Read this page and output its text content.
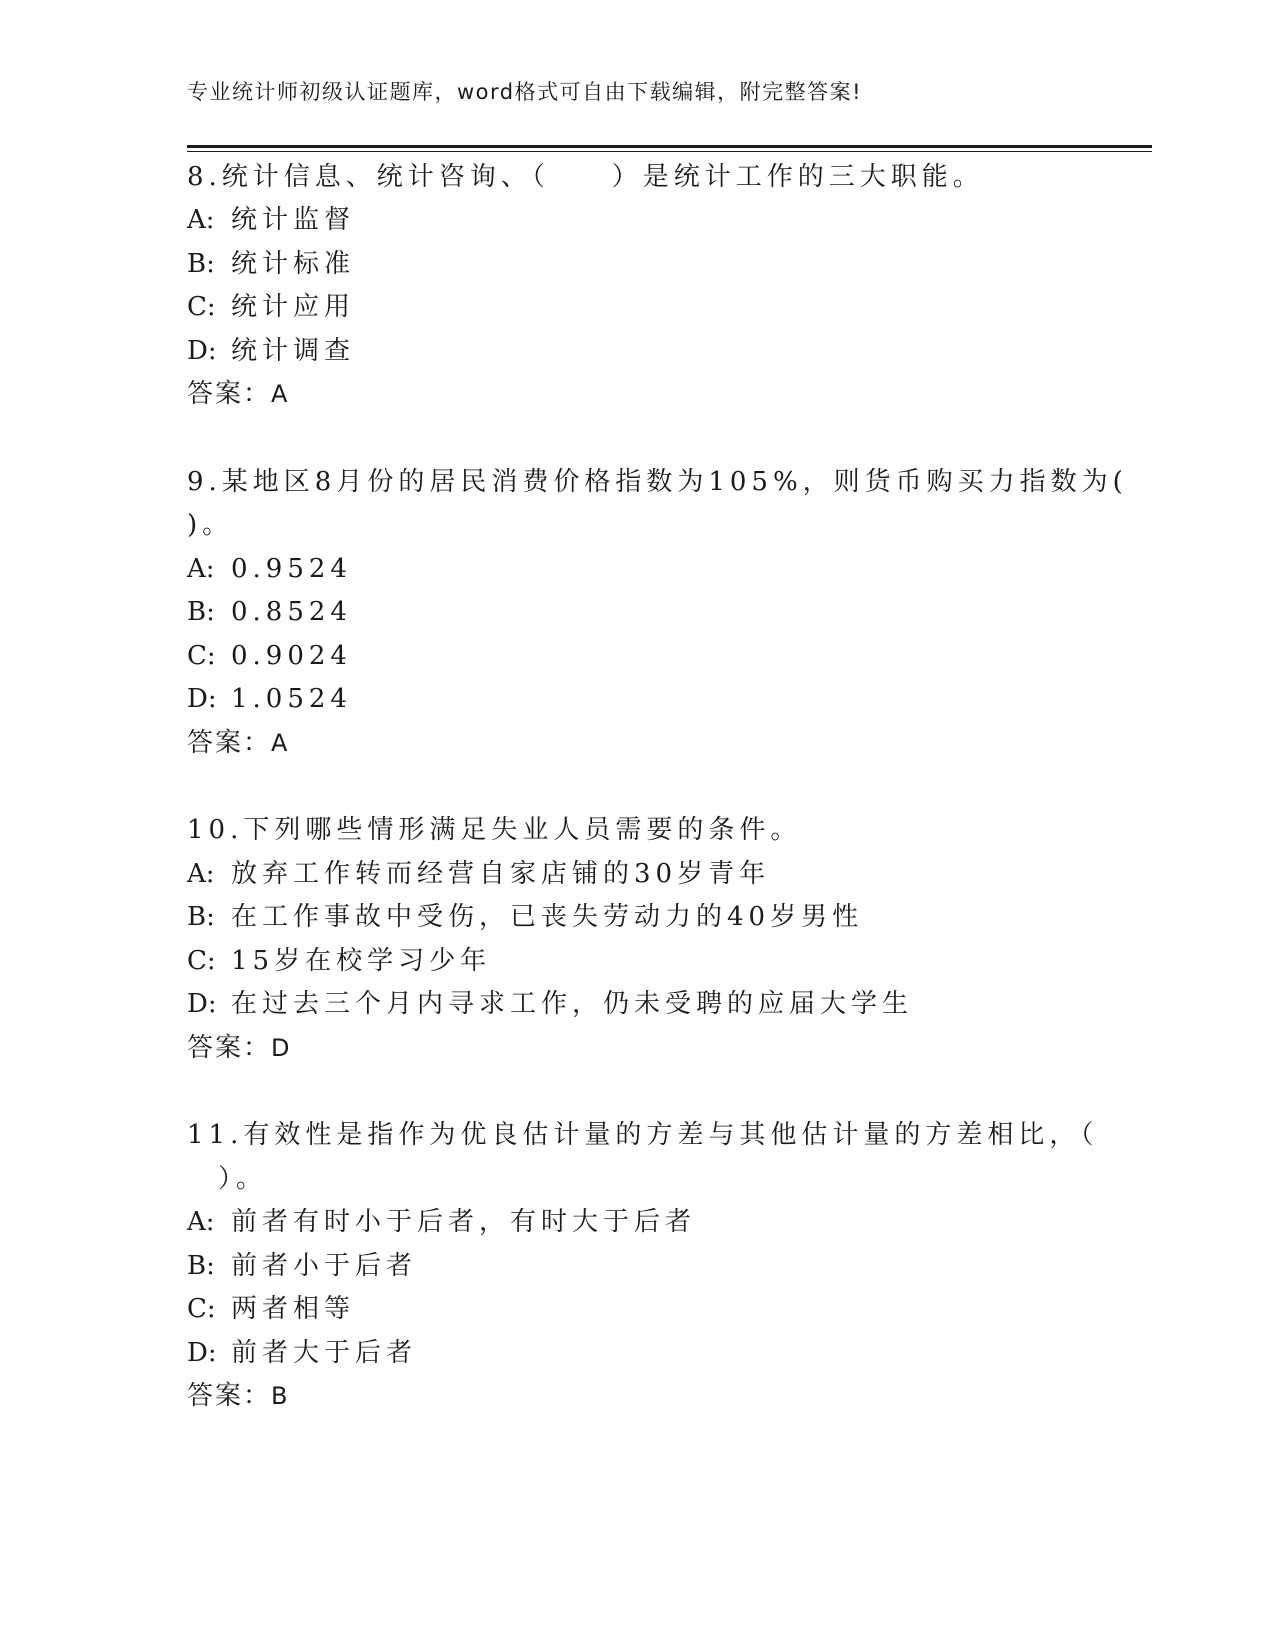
专业统计师初级认证题库，word格式可自由下载编辑，附完整答案!
8.统计信息、统计咨询、（　　）是统计工作的三大职能。
A: 统计监督
B: 统计标准
C: 统计应用
D: 统计调查
答案：A
9.某地区8月份的居民消费价格指数为105%，则货币购买力指数为(
)。
A: 0.9524
B: 0.8524
C: 0.9024
D: 1.0524
答案：A
10.下列哪些情形满足失业人员需要的条件。
A: 放弃工作转而经营自家店铺的30岁青年
B: 在工作事故中受伤，已丧失劳动力的40岁男性
C: 15岁在校学习少年
D: 在过去三个月内寻求工作，仍未受聘的应届大学生
答案：D
11.有效性是指作为优良估计量的方差与其他估计量的方差相比，（
　）。
A: 前者有时小于后者，有时大于后者
B: 前者小于后者
C: 两者相等
D: 前者大于后者
答案：B
